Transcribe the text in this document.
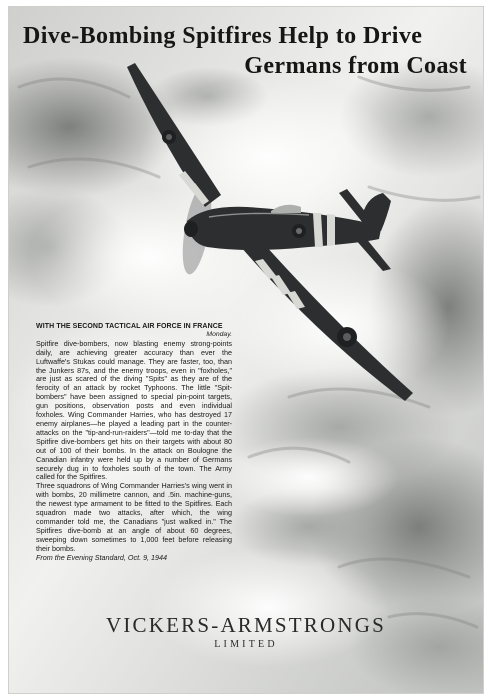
Dive-Bombing Spitfires Help to Drive
Germans from Coast
WITH THE SECOND TACTICAL AIR FORCE IN FRANCE
Monday.

Spitfire dive-bombers, now blasting enemy strong-points daily, are achieving greater accuracy than ever the Luftwaffe's Stukas could manage. They are faster, too, than the Junkers 87s, and the enemy troops, even in "foxholes," are just as scared of the diving "Spits" as they are of the ferocity of an attack by rocket Typhoons. The little "Spit-bombers" have been assigned to special pin-point targets, gun positions, observation posts and even individual foxholes. Wing Commander Harries, who has destroyed 17 enemy airplanes—he played a leading part in the counter-attacks on the "tip-and-run-raiders"—told me to-day that the Spitfire dive-bombers get hits on their targets with about 80 out of 100 of their bombs. In the attack on Boulogne the Canadian infantry were held up by a number of Germans securely dug in to foxholes south of the town. The Army called for the Spitfires.

Three squadrons of Wing Commander Harries's wing went in with bombs, 20 millimetre cannon, and .5in. machine-guns, the newest type armament to be fitted to the Spitfires. Each squadron made two attacks, after which, the wing commander told me, the Canadians "just walked in." The Spitfires dive-bomb at an angle of about 60 degrees, sweeping down sometimes to 1,000 feet before releasing their bombs.

From the Evening Standard, Oct. 9, 1944

VICKERS-ARMSTRONGS
LIMITED
